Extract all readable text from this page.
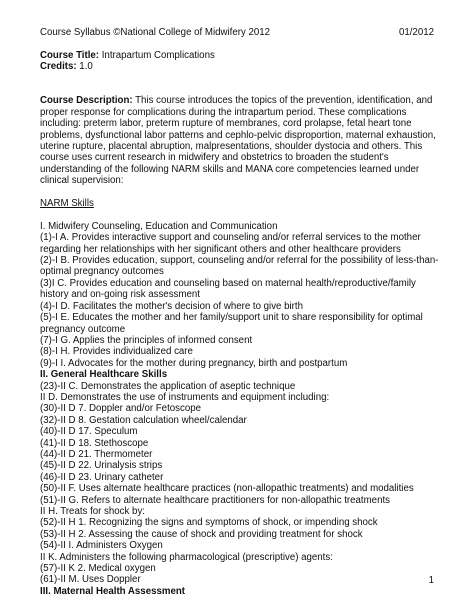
Course Syllabus ©National College of Midwifery 2012	01/2012
Course Title: Intrapartum Complications
Credits: 1.0
Course Description: This course introduces the topics of the prevention, identification, and
proper response for complications during the intrapartum period. These complications
including: preterm labor, preterm rupture of membranes, cord prolapse, fetal heart tone
problems, dysfunctional labor patterns and cephlo-pelvic disproportion, maternal exhaustion,
uterine rupture, placental abruption, malpresentations, shoulder dystocia and others. This
course uses current research in midwifery and obstetrics to broaden the student's
understanding of the following NARM skills and MANA core competencies learned under
clinical supervision:
NARM Skills
I. Midwifery Counseling, Education and Communication
(1)-I A. Provides interactive support and counseling and/or referral services to the mother
regarding her relationships with her significant others and other healthcare providers
(2)-I B. Provides education, support, counseling and/or referral for the possibility of less-than-
optimal pregnancy outcomes
(3)I C. Provides education and counseling based on maternal health/reproductive/family
history and on-going risk assessment
(4)-I D. Facilitates the mother's decision of where to give birth
(5)-I E. Educates the mother and her family/support unit to share responsibility for optimal
pregnancy outcome
(7)-I G. Applies the principles of informed consent
(8)-I H. Provides individualized care
(9)-I I. Advocates for the mother during pregnancy, birth and postpartum
II. General Healthcare Skills
(23)-II C. Demonstrates the application of aseptic technique
II D. Demonstrates the use of instruments and equipment including:
(30)-II D 7. Doppler and/or Fetoscope
(32)-II D 8. Gestation calculation wheel/calendar
(40)-II D 17. Speculum
(41)-II D 18. Stethoscope
(44)-II D 21. Thermometer
(45)-II D 22. Urinalysis strips
(46)-II D 23. Urinary catheter
(50)-II F. Uses alternate healthcare practices (non-allopathic treatments) and modalities
(51)-II G. Refers to alternate healthcare practitioners for non-allopathic treatments
II H. Treats for shock by:
(52)-II H 1. Recognizing the signs and symptoms of shock, or impending shock
(53)-II H 2. Assessing the cause of shock and providing treatment for shock
(54)-II I. Administers Oxygen
II K. Administers the following pharmacological (prescriptive) agents:
(57)-II K 2. Medical oxygen
(61)-II M. Uses Doppler
III. Maternal Health Assessment
1
